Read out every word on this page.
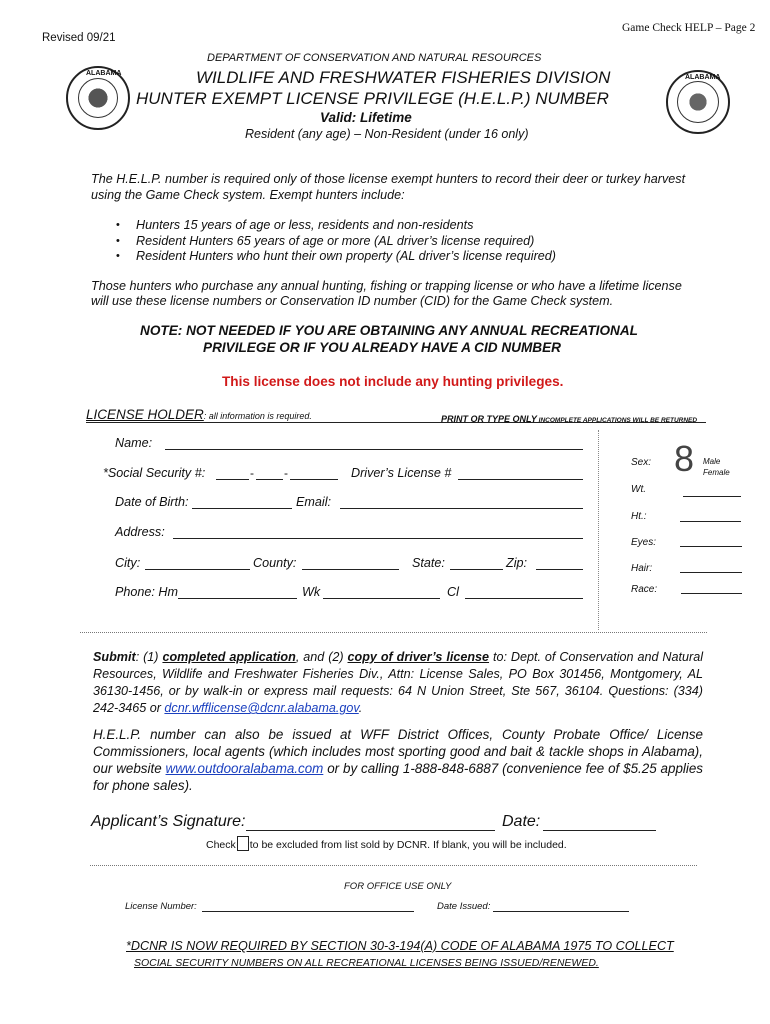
Game Check HELP – Page 2
Revised 09/21
DEPARTMENT OF CONSERVATION AND NATURAL RESOURCES
ALABAMA
ALABAMA
WILDLIFE AND FRESHWATER FISHERIES DIVISION
HUNTER EXEMPT LICENSE PRIVILEGE (H.E.L.P.) NUMBER
Valid: Lifetime
Resident (any age) – Non-Resident (under 16 only)
The H.E.L.P. number is required only of those license exempt hunters to record their deer or turkey harvest
using the Game Check system. Exempt hunters include:
• Hunters 15 years of age or less, residents and non-residents
• Resident Hunters 65 years of age or more (AL driver’s license required)
• Resident Hunters who hunt their own property (AL driver’s license required)
Those hunters who purchase any annual hunting, fishing or trapping license or who have a lifetime license
will use these license numbers or Conservation ID number (CID) for the Game Check system.
NOTE: NOT NEEDED IF YOU ARE OBTAINING ANY ANNUAL RECREATIONAL
PRIVILEGE OR IF YOU ALREADY HAVE A CID NUMBER
This license does not include any hunting privileges.
LICENSE HOLDER: all information is required.	PRINT OR TYPE ONLY INCOMPLETE APPLICATIONS WILL BE RETURNED
Name:
*Social Security #:	-	-	Driver’s License #
Date of Birth:	Email:
Address:
City:	County:	State:	Zip:
Phone: Hm	Wk	Cl
Sex: 8 Male
Female
Wt.
Ht.:
Eyes:
Hair:
Race:
Submit: (1) completed application, and (2) copy of driver’s license to: Dept. of Conservation and Natural Resources, Wildlife and Freshwater Fisheries Div., Attn: License Sales, PO Box 301456, Montgomery, AL 36130-1456, or by walk-in or express mail requests: 64 N Union Street, Ste 567, 36104. Questions: (334) 242-3465 or dcnr.wfflicense@dcnr.alabama.gov.
H.E.L.P. number can also be issued at WFF District Offices, County Probate Office/ License Commissioners, local agents (which includes most sporting good and bait & tackle shops in Alabama), our website www.outdooralabama.com or by calling 1-888-848-6887 (convenience fee of $5.25 applies for phone sales).
Applicant’s Signature:	Date:
Check to be excluded from list sold by DCNR. If blank, you will be included.
FOR OFFICE USE ONLY
License Number:	Date Issued:
*DCNR IS NOW REQUIRED BY SECTION 30-3-194(A) CODE OF ALABAMA 1975 TO COLLECT
SOCIAL SECURITY NUMBERS ON ALL RECREATIONAL LICENSES BEING ISSUED/RENEWED.
